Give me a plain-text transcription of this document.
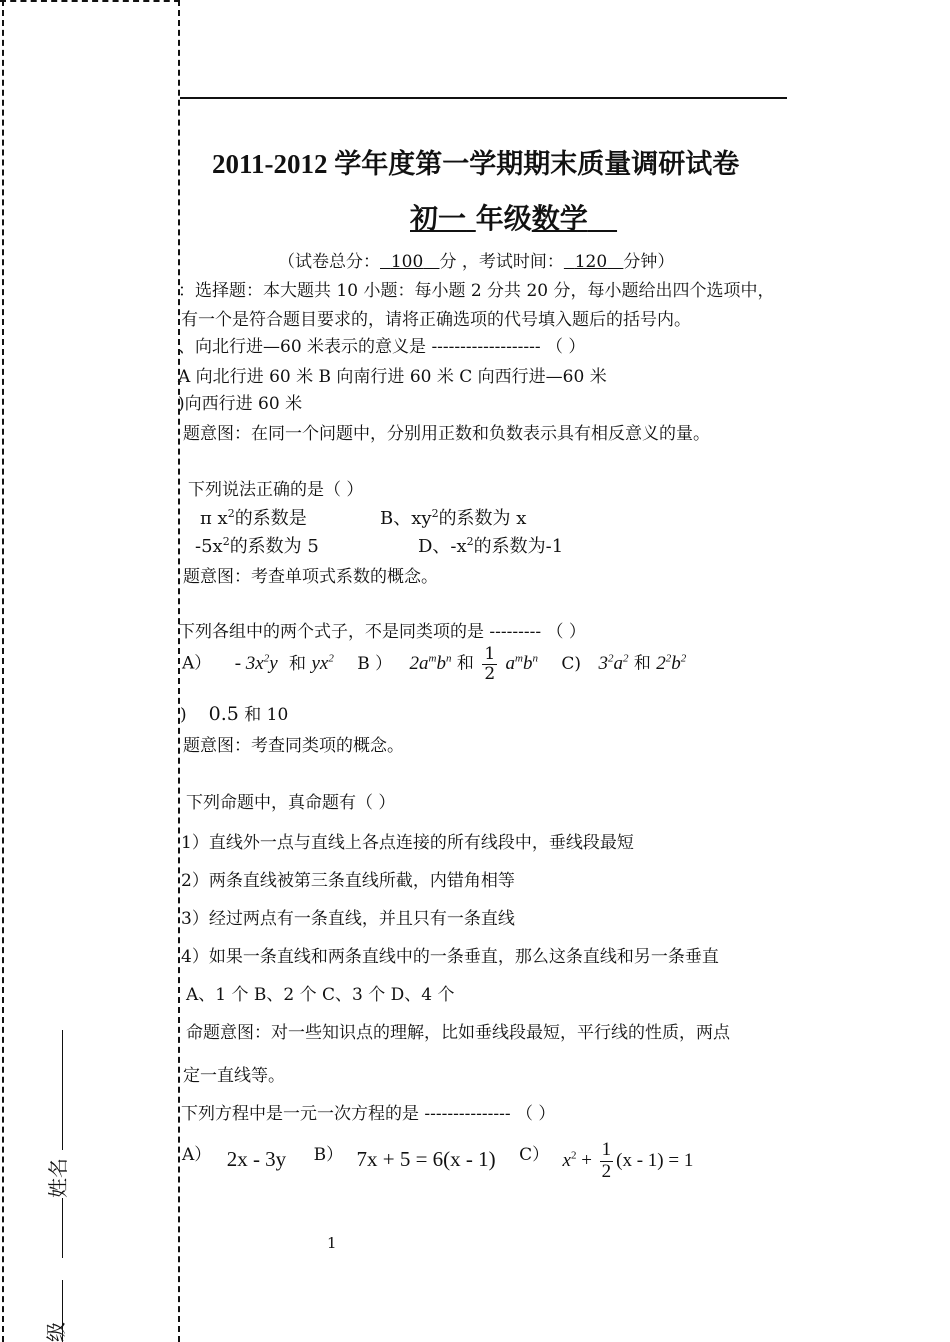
姓名
级
2011-2012 学年度第一学期期末质量调研试卷
初一 年级数学
（试卷总分： 100 分 ，考试时间： 120 分钟）
：选择题：本大题共 10 小题：每小题 2 分共 20 分，每小题给出四个选项中，
有一个是符合题目要求的，请将正确选项的代号填入题后的括号内。
、向北行进—60 米表示的意义是 ------------------- （ ）
A 向北行进 60 米 B 向南行进 60 米 C 向西行进—60 米
)向西行进 60 米
题意图：在同一个问题中，分别用正数和负数表示具有相反意义的量。
下列说法正确的是（ ）
π $x^2$的系数是	B、$xy^2$的系数为 x
$-5x^2$的系数为 5	D、$-x^2$的系数为-1
题意图：考查单项式系数的概念。
下列各组中的两个式子，不是同类项的是 --------- （ ）
$A) - 3x^2y$ 和 $yx^2$ B ） $2a^mb^n$ 和 $\frac{1}{2} a^mb^n$ C) $3^2a^2$ 和 $2^2b^2$
) 0.5 和 10
题意图：考查同类项的概念。
下列命题中，真命题有（ ）
1）直线外一点与直线上各点连接的所有线段中，垂线段最短
2）两条直线被第三条直线所截，内错角相等
3）经过两点有一条直线，并且只有一条直线
4）如果一条直线和两条直线中的一条垂直，那么这条直线和另一条垂直
A、1 个 B、2 个 C、3 个 D、4 个
命题意图：对一些知识点的理解，比如垂线段最短，平行线的性质，两点
定一直线等。
下列方程中是一元一次方程的是 --------------- （ ）
A） 2x - 3y B） 7x + 5 = 6(x - 1) C） $x^2 + \frac{1}{2} (x - 1) = 1$
1
